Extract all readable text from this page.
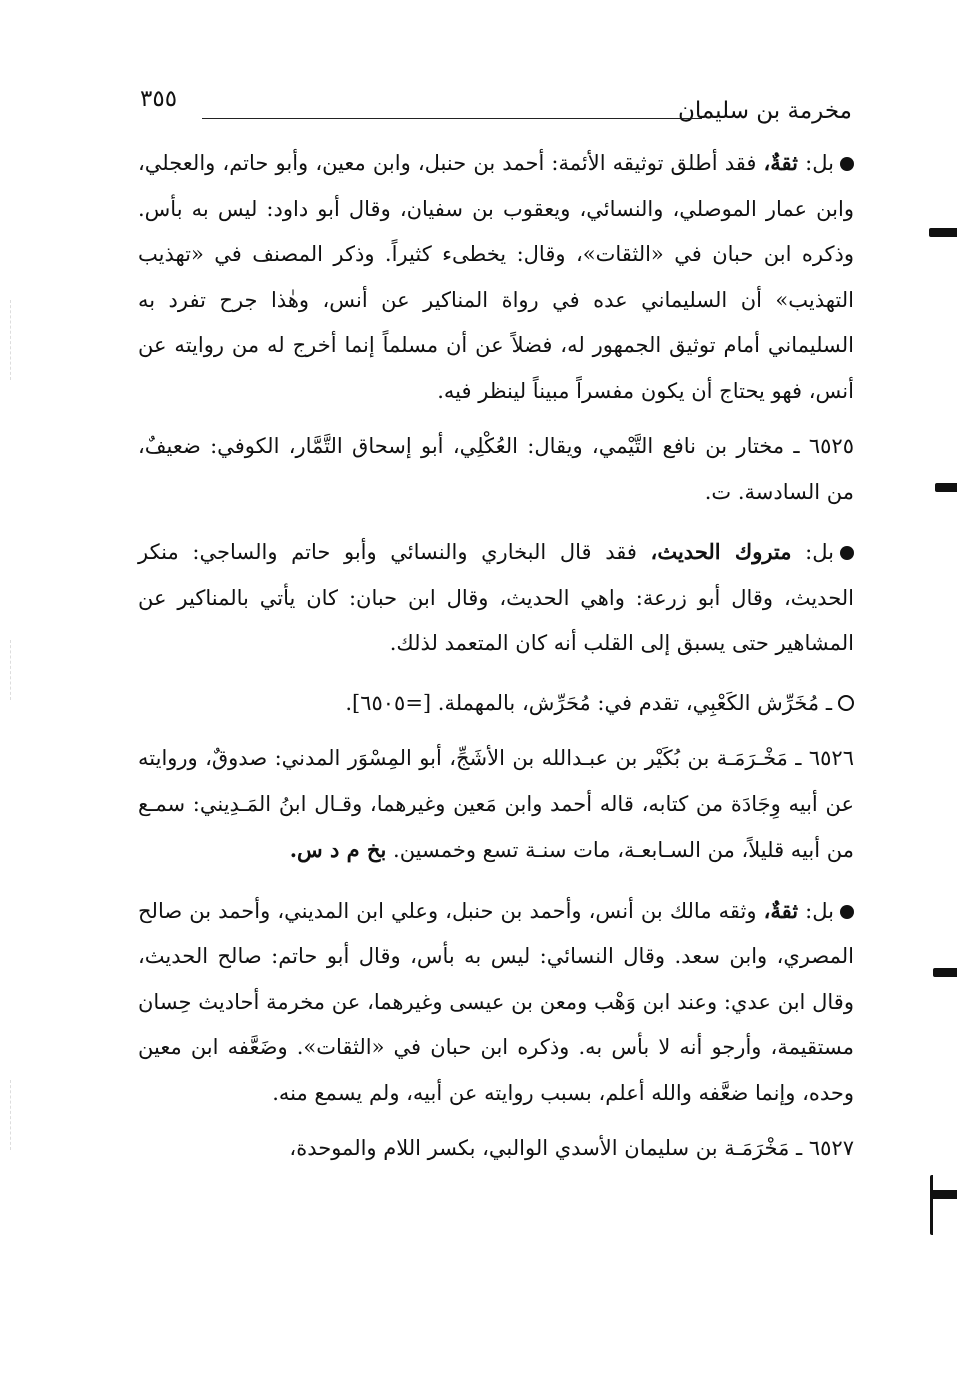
مخرمة بن سليمان
٣٥٥

بل: ثقةٌ، فقد أطلق توثيقه الأئمة: أحمد بن حنبل، وابن معين، وأبو حاتم، والعجلي، وابن عمار الموصلي، والنسائي، ويعقوب بن سفيان، وقال أبو داود: ليس به بأس. وذكره ابن حبان في «الثقات»، وقال: يخطىء كثيراً. وذكر المصنف في «تهذيب التهذيب» أن السليماني عده في رواة المناكير عن أنس، وهٰذا جرح تفرد به السليماني أمام توثيق الجمهور له، فضلاً عن أن مسلماً إنما أخرج له من روايته عن أنس، فهو يحتاج أن يكون مفسراً مبيناً لينظر فيه.

٦٥٢٥ ـ مختار بن نافع التَّيْمي، ويقال: العُكْلِي، أبو إسحاق التَّمَّار، الكوفي: ضعيفٌ، من السادسة. ت.

بل: متروك الحديث، فقد قال البخاري والنسائي وأبو حاتم والساجي: منكر الحديث، وقال أبو زرعة: واهي الحديث، وقال ابن حبان: كان يأتي بالمناكير عن المشاهير حتى يسبق إلى القلب أنه كان المتعمد لذلك.

ـ مُخَرِّش الكَعْبِي، تقدم في: مُحَرِّش، بالمهملة. [=٦٥٠٥].

٦٥٢٦ ـ مَخْـرَمَـة بن بُكَيْر بن عبـدالله بن الأشَجِّ، أبو المِسْوَر المدني: صدوقٌ، وروايته عن أبيه وِجَادَة من كتابه، قاله أحمد وابن مَعين وغيرهما، وقـال ابنُ المَـدِيني: سمـع من أبيه قليلاً، من السـابعـة، مات سنـة تسع وخمسين. بخ م د س.

بل: ثقةٌ، وثقه مالك بن أنس، وأحمد بن حنبل، وعلي ابن المديني، وأحمد بن صالح المصري، وابن سعد. وقال النسائي: ليس به بأس، وقال أبو حاتم: صالح الحديث، وقال ابن عدي: وعند ابن وَهْب ومعن بن عيسى وغيرهما، عن مخرمة أحاديث حِسان مستقيمة، وأرجو أنه لا بأس به. وذكره ابن حبان في «الثقات». وضَعَّفه ابن معين وحده، وإنما ضعَّفه والله أعلم، بسبب روايته عن أبيه، ولم يسمع منه.

٦٥٢٧ ـ مَخْرَمَـة بن سليمان الأسدي الوالبي، بكسر اللام والموحدة،
